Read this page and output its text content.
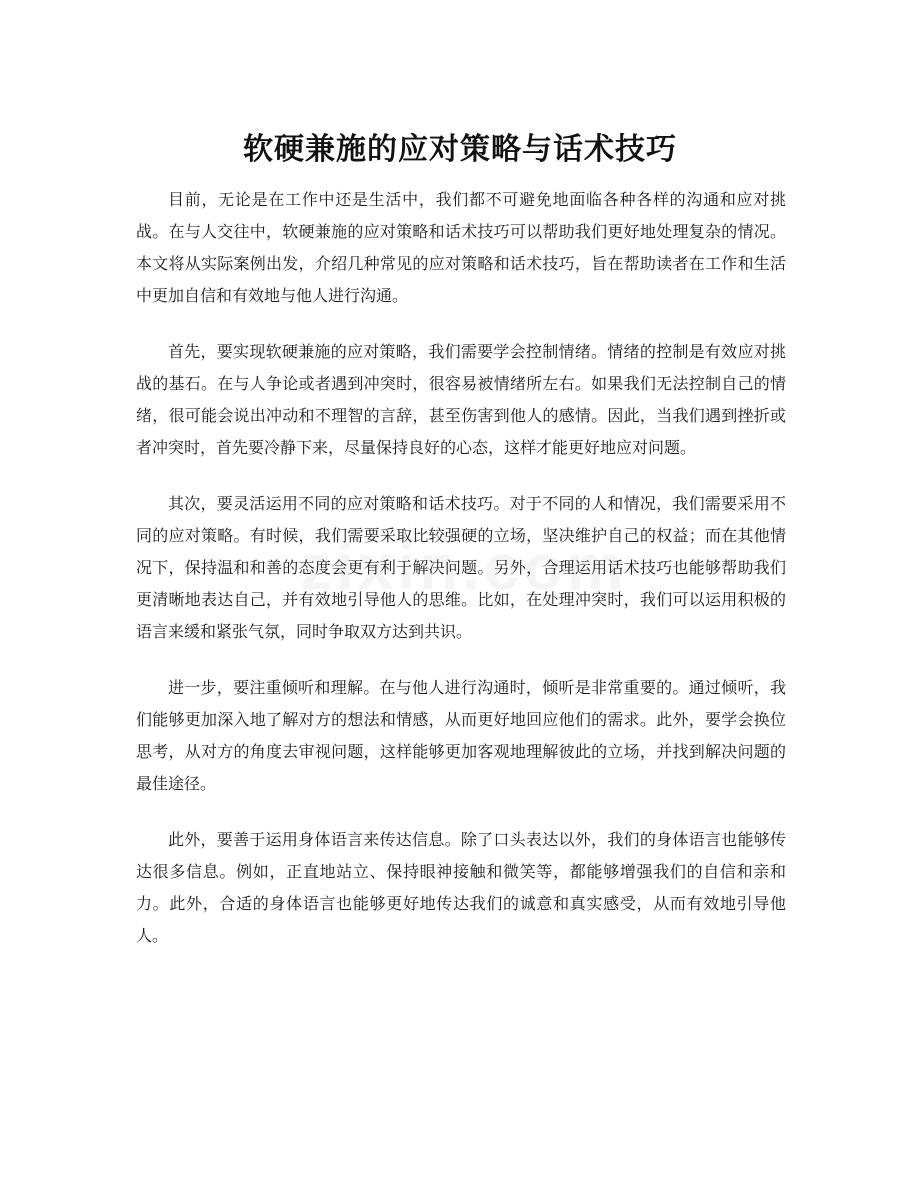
软硬兼施的应对策略与话术技巧

目前，无论是在工作中还是生活中，我们都不可避免地面临各种各样的沟通和应对挑战。在与人交往中，软硬兼施的应对策略和话术技巧可以帮助我们更好地处理复杂的情况。本文将从实际案例出发，介绍几种常见的应对策略和话术技巧，旨在帮助读者在工作和生活中更加自信和有效地与他人进行沟通。

首先，要实现软硬兼施的应对策略，我们需要学会控制情绪。情绪的控制是有效应对挑战的基石。在与人争论或者遇到冲突时，很容易被情绪所左右。如果我们无法控制自己的情绪，很可能会说出冲动和不理智的言辞，甚至伤害到他人的感情。因此，当我们遇到挫折或者冲突时，首先要冷静下来，尽量保持良好的心态，这样才能更好地应对问题。

其次，要灵活运用不同的应对策略和话术技巧。对于不同的人和情况，我们需要采用不同的应对策略。有时候，我们需要采取比较强硬的立场，坚决维护自己的权益；而在其他情况下，保持温和和善的态度会更有利于解决问题。另外，合理运用话术技巧也能够帮助我们更清晰地表达自己，并有效地引导他人的思维。比如，在处理冲突时，我们可以运用积极的语言来缓和紧张气氛，同时争取双方达到共识。

进一步，要注重倾听和理解。在与他人进行沟通时，倾听是非常重要的。通过倾听，我们能够更加深入地了解对方的想法和情感，从而更好地回应他们的需求。此外，要学会换位思考，从对方的角度去审视问题，这样能够更加客观地理解彼此的立场，并找到解决问题的最佳途径。

此外，要善于运用身体语言来传达信息。除了口头表达以外，我们的身体语言也能够传达很多信息。例如，正直地站立、保持眼神接触和微笑等，都能够增强我们的自信和亲和力。此外，合适的身体语言也能够更好地传达我们的诚意和真实感受，从而有效地引导他人。
